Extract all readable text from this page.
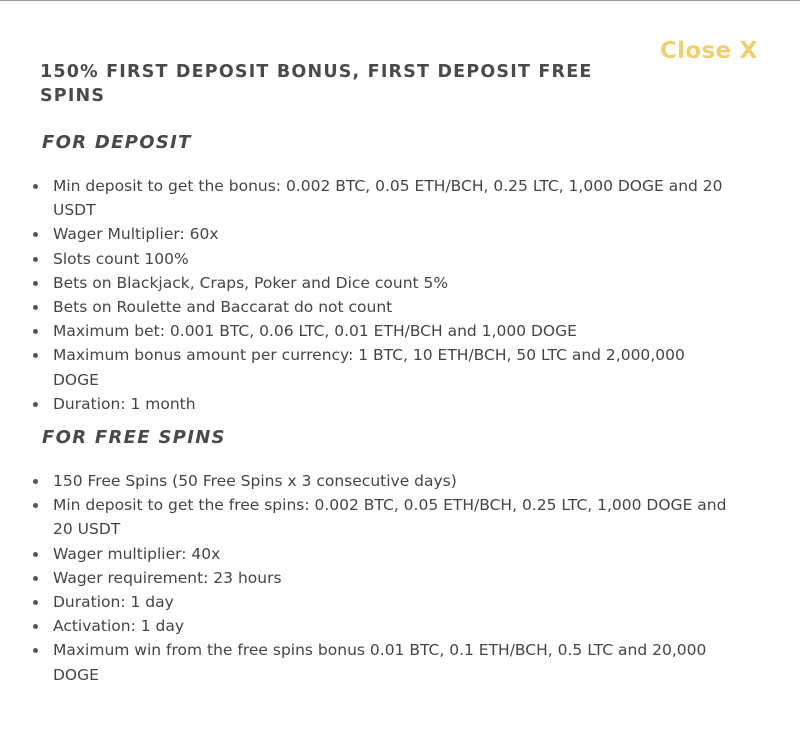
Close X
150% FIRST DEPOSIT BONUS, FIRST DEPOSIT FREE SPINS
FOR DEPOSIT
Min deposit to get the bonus: 0.002 BTC, 0.05 ETH/BCH, 0.25 LTC, 1,000 DOGE and 20 USDT
Wager Multiplier: 60x
Slots count 100%
Bets on Blackjack, Craps, Poker and Dice count 5%
Bets on Roulette and Baccarat do not count
Maximum bet: 0.001 BTC, 0.06 LTC, 0.01 ETH/BCH and 1,000 DOGE
Maximum bonus amount per currency: 1 BTC, 10 ETH/BCH, 50 LTC and 2,000,000 DOGE
Duration: 1 month
FOR FREE SPINS
150 Free Spins (50 Free Spins x 3 consecutive days)
Min deposit to get the free spins: 0.002 BTC, 0.05 ETH/BCH, 0.25 LTC, 1,000 DOGE and 20 USDT
Wager multiplier: 40x
Wager requirement: 23 hours
Duration: 1 day
Activation: 1 day
Maximum win from the free spins bonus 0.01 BTC, 0.1 ETH/BCH, 0.5 LTC and 20,000 DOGE
